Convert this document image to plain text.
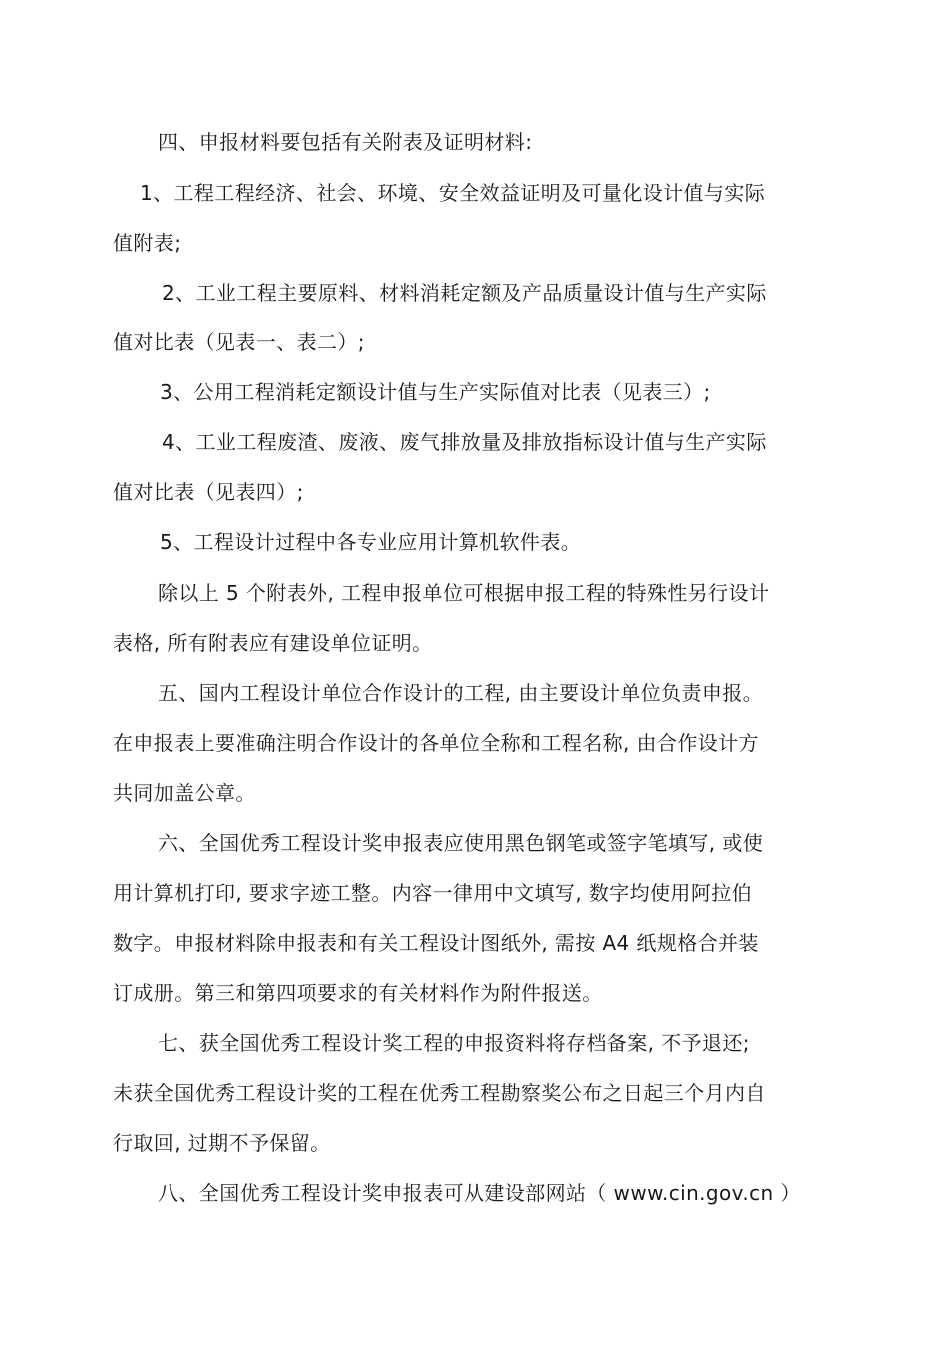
四、申报材料要包括有关附表及证明材料:
1、工程工程经济、社会、环境、安全效益证明及可量化设计值与实际
值附表;
2、工业工程主要原料、材料消耗定额及产品质量设计值与生产实际
值对比表（见表一、表二）;
3、公用工程消耗定额设计值与生产实际值对比表（见表三）;
4、工业工程废渣、废液、废气排放量及排放指标设计值与生产实际
值对比表（见表四）;
5、工程设计过程中各专业应用计算机软件表。
除以上 5 个附表外, 工程申报单位可根据申报工程的特殊性另行设计
表格, 所有附表应有建设单位证明。
五、国内工程设计单位合作设计的工程, 由主要设计单位负责申报。
在申报表上要准确注明合作设计的各单位全称和工程名称, 由合作设计方
共同加盖公章。
六、全国优秀工程设计奖申报表应使用黑色钢笔或签字笔填写, 或使
用计算机打印, 要求字迹工整。内容一律用中文填写, 数字均使用阿拉伯
数字。申报材料除申报表和有关工程设计图纸外, 需按 A4 纸规格合并装
订成册。第三和第四项要求的有关材料作为附件报送。
七、获全国优秀工程设计奖工程的申报资料将存档备案, 不予退还;
未获全国优秀工程设计奖的工程在优秀工程勘察奖公布之日起三个月内自
行取回, 过期不予保留。
八、全国优秀工程设计奖申报表可从建设部网站（ www.cin.gov.cn ）
